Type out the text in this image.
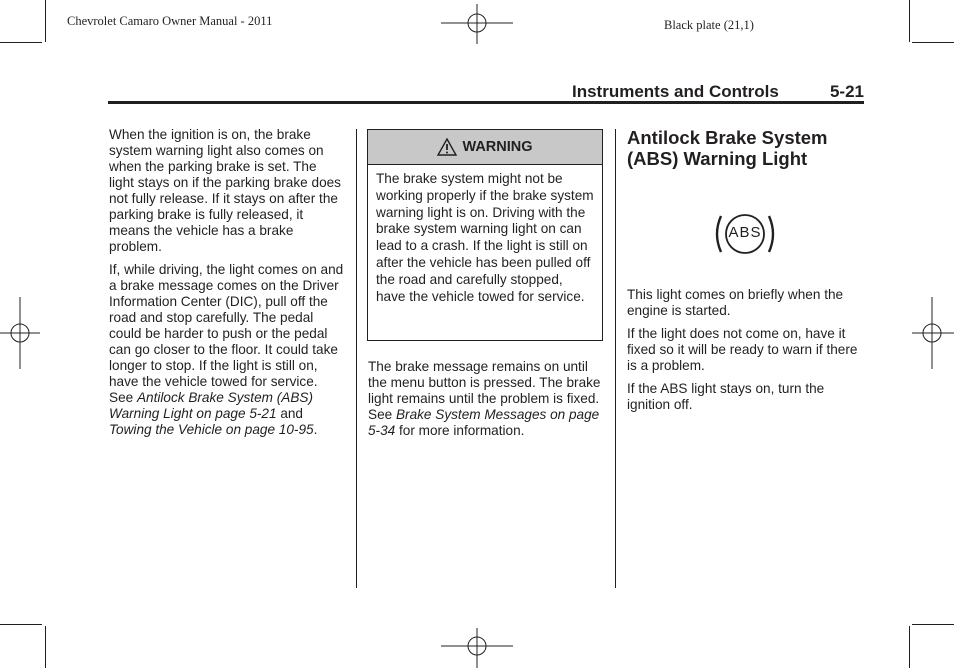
Chevrolet Camaro Owner Manual - 2011	Black plate (21,1)
Instruments and Controls	5-21

When the ignition is on, the brake system warning light also comes on when the parking brake is set. The light stays on if the parking brake does not fully release. If it stays on after the parking brake is fully released, it means the vehicle has a brake problem.

If, while driving, the light comes on and a brake message comes on the Driver Information Center (DIC), pull off the road and stop carefully. The pedal could be harder to push or the pedal can go closer to the floor. It could take longer to stop. If the light is still on, have the vehicle towed for service. See Antilock Brake System (ABS) Warning Light on page 5-21 and Towing the Vehicle on page 10-95.

WARNING
The brake system might not be working properly if the brake system warning light is on. Driving with the brake system warning light on can lead to a crash. If the light is still on after the vehicle has been pulled off the road and carefully stopped, have the vehicle towed for service.

The brake message remains on until the menu button is pressed. The brake light remains until the problem is fixed. See Brake System Messages on page 5-34 for more information.

Antilock Brake System (ABS) Warning Light
ABS

This light comes on briefly when the engine is started.

If the light does not come on, have it fixed so it will be ready to warn if there is a problem.

If the ABS light stays on, turn the ignition off.
